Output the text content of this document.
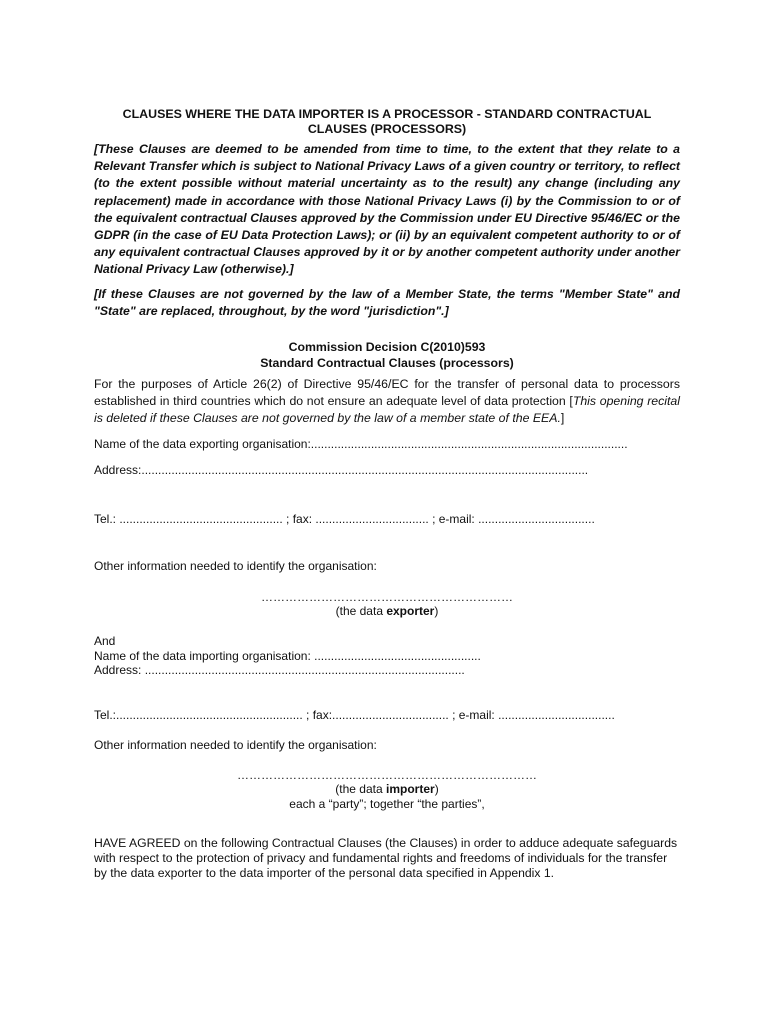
CLAUSES WHERE THE DATA IMPORTER IS A PROCESSOR - STANDARD CONTRACTUAL
CLAUSES (PROCESSORS)
[These Clauses are deemed to be amended from time to time, to the extent that they relate to a Relevant Transfer which is subject to National Privacy Laws of a given country or territory, to reflect (to the extent possible without material uncertainty as to the result) any change (including any replacement) made in accordance with those National Privacy Laws (i) by the Commission to or of the equivalent contractual Clauses approved by the Commission under EU Directive 95/46/EC or the GDPR (in the case of EU Data Protection Laws); or (ii) by an equivalent competent authority to or of any equivalent contractual Clauses approved by it or by another competent authority under another National Privacy Law (otherwise).]
[If these Clauses are not governed by the law of a Member State, the terms "Member State" and "State" are replaced, throughout, by the word "jurisdiction".]
Commission Decision C(2010)593
Standard Contractual Clauses (processors)
For the purposes of Article 26(2) of Directive 95/46/EC for the transfer of personal data to processors established in third countries which do not ensure an adequate level of data protection [This opening recital is deleted if these Clauses are not governed by the law of a member state of the EEA.]
Name of the data exporting organisation:...............................................................................................
Address:......................................................................................................................................
Tel.: ................................................. ; fax: .................................. ; e-mail: ...................................
Other information needed to identify the organisation:
………………………………………………………
(the data exporter)
And
Name of the data importing organisation: ..................................................
Address: ................................................................................................
Tel.:........................................................ ; fax:................................... ; e-mail: ...................................
Other information needed to identify the organisation:
…………………………………………………………………
(the data importer)
each a “party”; together “the parties”,
HAVE AGREED on the following Contractual Clauses (the Clauses) in order to adduce adequate safeguards with respect to the protection of privacy and fundamental rights and freedoms of individuals for the transfer by the data exporter to the data importer of the personal data specified in Appendix 1.
